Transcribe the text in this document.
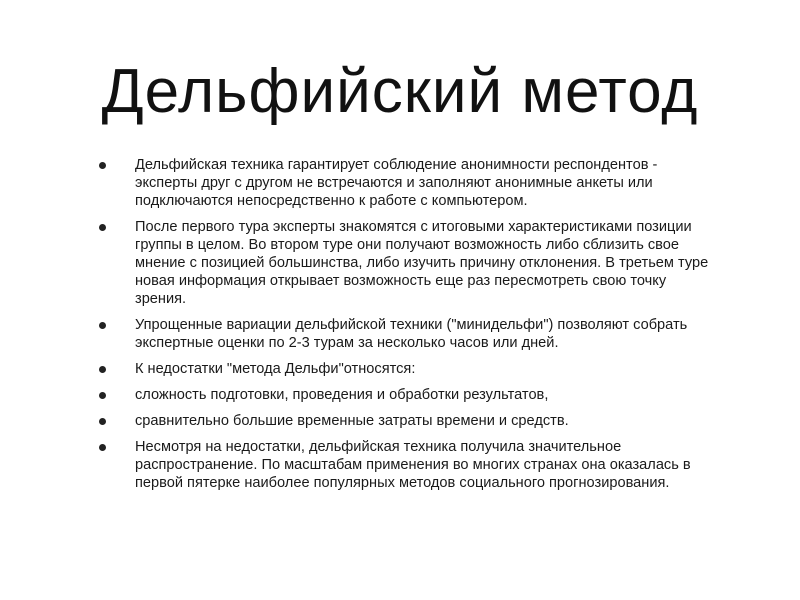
Дельфийский метод
Дельфийская техника гарантирует соблюдение анонимности респондентов - эксперты друг с другом не встречаются и заполняют анонимные анкеты или подключаются непосредственно к работе с компьютером.
После первого тура эксперты знакомятся с итоговыми характеристиками позиции группы в целом. Во втором туре они получают возможность либо сблизить свое мнение с позицией большинства, либо изучить причину отклонения. В третьем туре новая информация открывает возможность еще раз пересмотреть свою точку зрения.
Упрощенные вариации дельфийской техники ("минидельфи") позволяют собрать экспертные оценки по 2-3 турам за несколько часов или дней.
К недостатки "метода Дельфи"относятся:
сложность подготовки, проведения и обработки результатов,
сравнительно большие временные затраты времени и средств.
Несмотря на недостатки, дельфийская техника получила значительное распространение. По масштабам применения во многих странах она оказалась в первой пятерке наиболее популярных методов социального прогнозирования.
